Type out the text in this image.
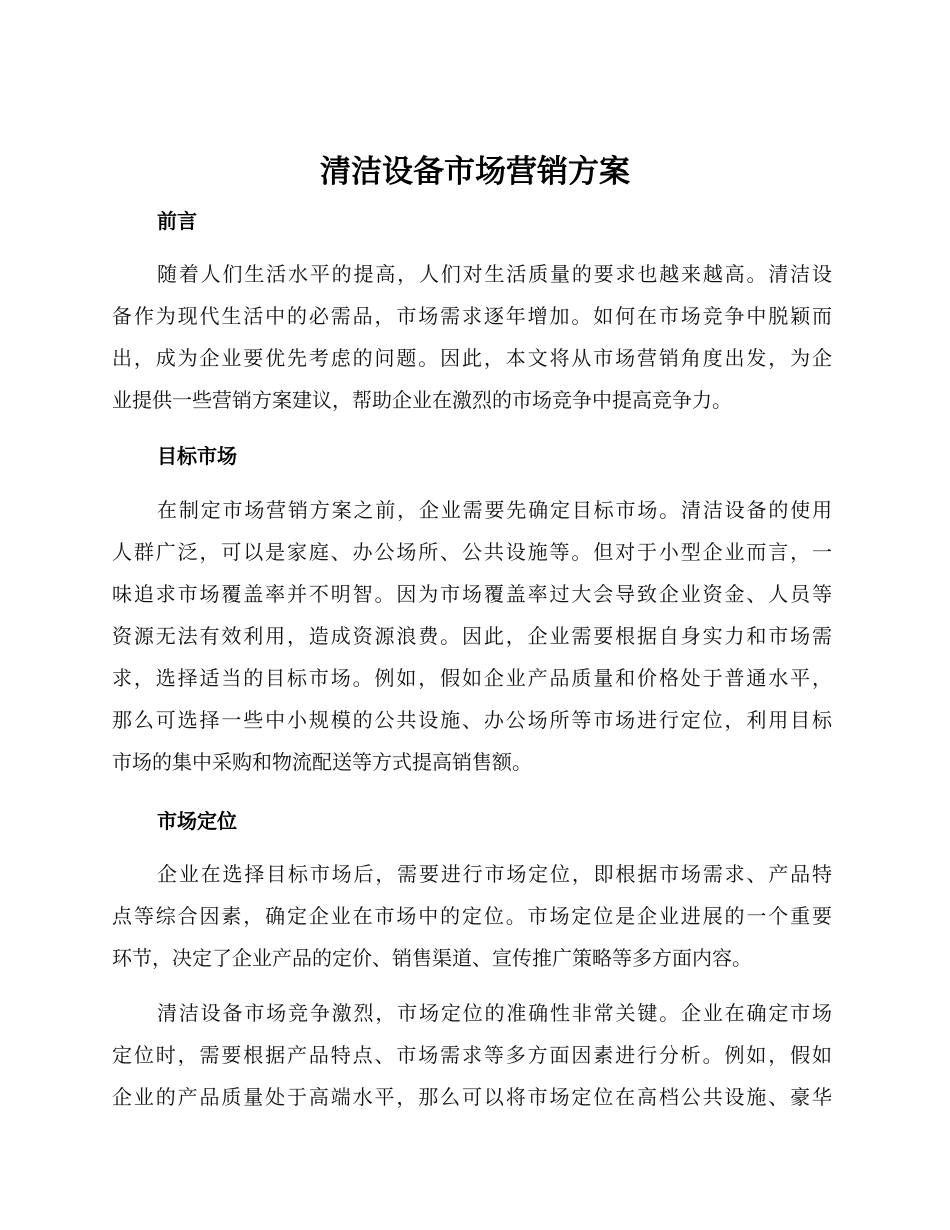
清洁设备市场营销方案
前言

随着人们生活水平的提高，人们对生活质量的要求也越来越高。清洁设
备作为现代生活中的必需品，市场需求逐年增加。如何在市场竞争中脱颖而
出，成为企业要优先考虑的问题。因此，本文将从市场营销角度出发，为企
业提供一些营销方案建议，帮助企业在激烈的市场竞争中提高竞争力。

目标市场

在制定市场营销方案之前，企业需要先确定目标市场。清洁设备的使用
人群广泛，可以是家庭、办公场所、公共设施等。但对于小型企业而言，一
味追求市场覆盖率并不明智。因为市场覆盖率过大会导致企业资金、人员等
资源无法有效利用，造成资源浪费。因此，企业需要根据自身实力和市场需
求，选择适当的目标市场。例如，假如企业产品质量和价格处于普通水平，
那么可选择一些中小规模的公共设施、办公场所等市场进行定位，利用目标
市场的集中采购和物流配送等方式提高销售额。

市场定位

企业在选择目标市场后，需要进行市场定位，即根据市场需求、产品特
点等综合因素，确定企业在市场中的定位。市场定位是企业进展的一个重要
环节，决定了企业产品的定价、销售渠道、宣传推广策略等多方面内容。

清洁设备市场竞争激烈，市场定位的准确性非常关键。企业在确定市场
定位时，需要根据产品特点、市场需求等多方面因素进行分析。例如，假如
企业的产品质量处于高端水平，那么可以将市场定位在高档公共设施、豪华
